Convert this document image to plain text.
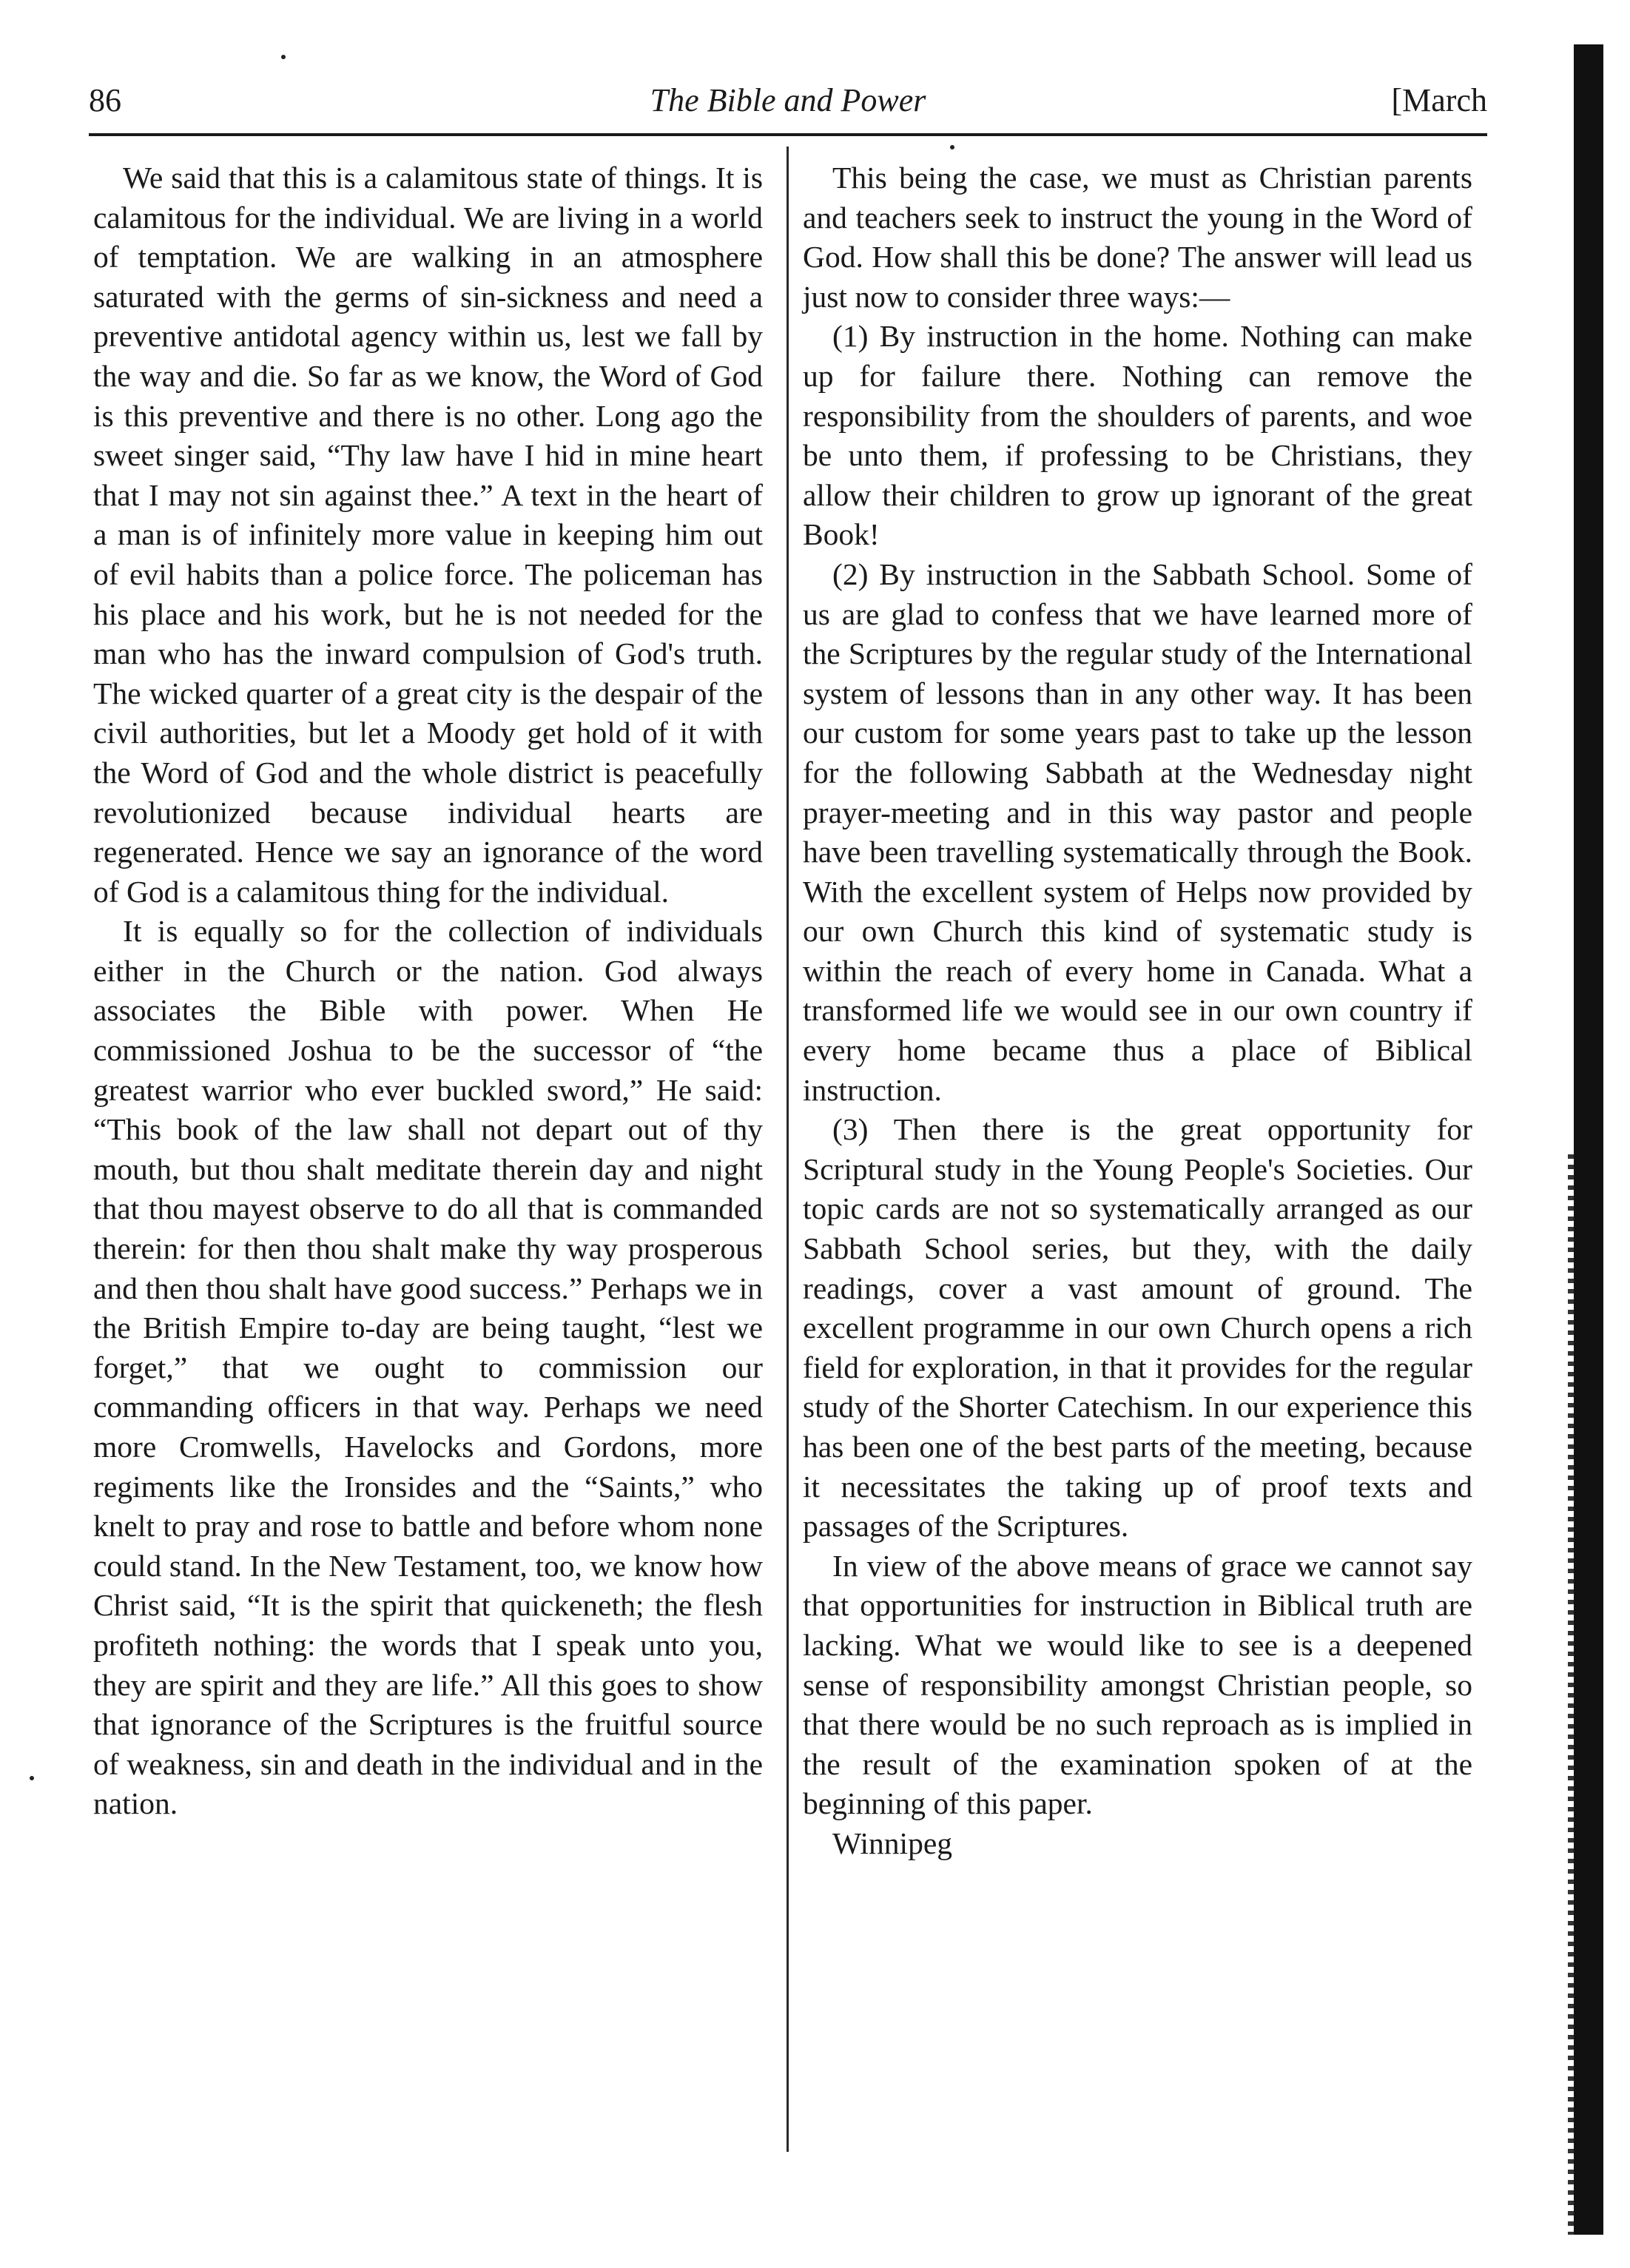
86	The Bible and Power	[March

We said that this is a calamitous state of things. It is calamitous for the individual. We are living in a world of temptation. We are walking in an atmosphere saturated with the germs of sin-sickness and need a preventive antidotal agency within us, lest we fall by the way and die. So far as we know, the Word of God is this preventive and there is no other. Long ago the sweet singer said, “Thy law have I hid in mine heart that I may not sin against thee.” A text in the heart of a man is of infinitely more value in keeping him out of evil habits than a police force. The policeman has his place and his work, but he is not needed for the man who has the inward compulsion of God's truth. The wicked quarter of a great city is the despair of the civil authorities, but let a Moody get hold of it with the Word of God and the whole district is peacefully revolutionized because individual hearts are regenerated. Hence we say an ignorance of the word of God is a calamitous thing for the individual.

It is equally so for the collection of individuals either in the Church or the nation. God always associates the Bible with power. When He commissioned Joshua to be the successor of “the greatest warrior who ever buckled sword,” He said: “This book of the law shall not depart out of thy mouth, but thou shalt meditate therein day and night that thou mayest observe to do all that is commanded therein: for then thou shalt make thy way prosperous and then thou shalt have good success.” Perhaps we in the British Empire to-day are being taught, “lest we forget,” that we ought to commission our commanding officers in that way. Perhaps we need more Cromwells, Havelocks and Gordons, more regiments like the Ironsides and the “Saints,” who knelt to pray and rose to battle and before whom none could stand. In the New Testament, too, we know how Christ said, “It is the spirit that quickeneth; the flesh profiteth nothing: the words that I speak unto you, they are spirit and they are life.” All this goes to show that ignorance of the Scriptures is the fruitful source of weakness, sin and death in the individual and in the nation.

This being the case, we must as Christian parents and teachers seek to instruct the young in the Word of God. How shall this be done? The answer will lead us just now to consider three ways:—

(1) By instruction in the home. Nothing can make up for failure there. Nothing can remove the responsibility from the shoulders of parents, and woe be unto them, if professing to be Christians, they allow their children to grow up ignorant of the great Book!

(2) By instruction in the Sabbath School. Some of us are glad to confess that we have learned more of the Scriptures by the regular study of the International system of lessons than in any other way. It has been our custom for some years past to take up the lesson for the following Sabbath at the Wednesday night prayer-meeting and in this way pastor and people have been travelling systematically through the Book. With the excellent system of Helps now provided by our own Church this kind of systematic study is within the reach of every home in Canada. What a transformed life we would see in our own country if every home became thus a place of Biblical instruction.

(3) Then there is the great opportunity for Scriptural study in the Young People's Societies. Our topic cards are not so systematically arranged as our Sabbath School series, but they, with the daily readings, cover a vast amount of ground. The excellent programme in our own Church opens a rich field for exploration, in that it provides for the regular study of the Shorter Catechism. In our experience this has been one of the best parts of the meeting, because it necessitates the taking up of proof texts and passages of the Scriptures.

In view of the above means of grace we cannot say that opportunities for instruction in Biblical truth are lacking. What we would like to see is a deepened sense of responsibility amongst Christian people, so that there would be no such reproach as is implied in the result of the examination spoken of at the beginning of this paper.

Winnipeg
